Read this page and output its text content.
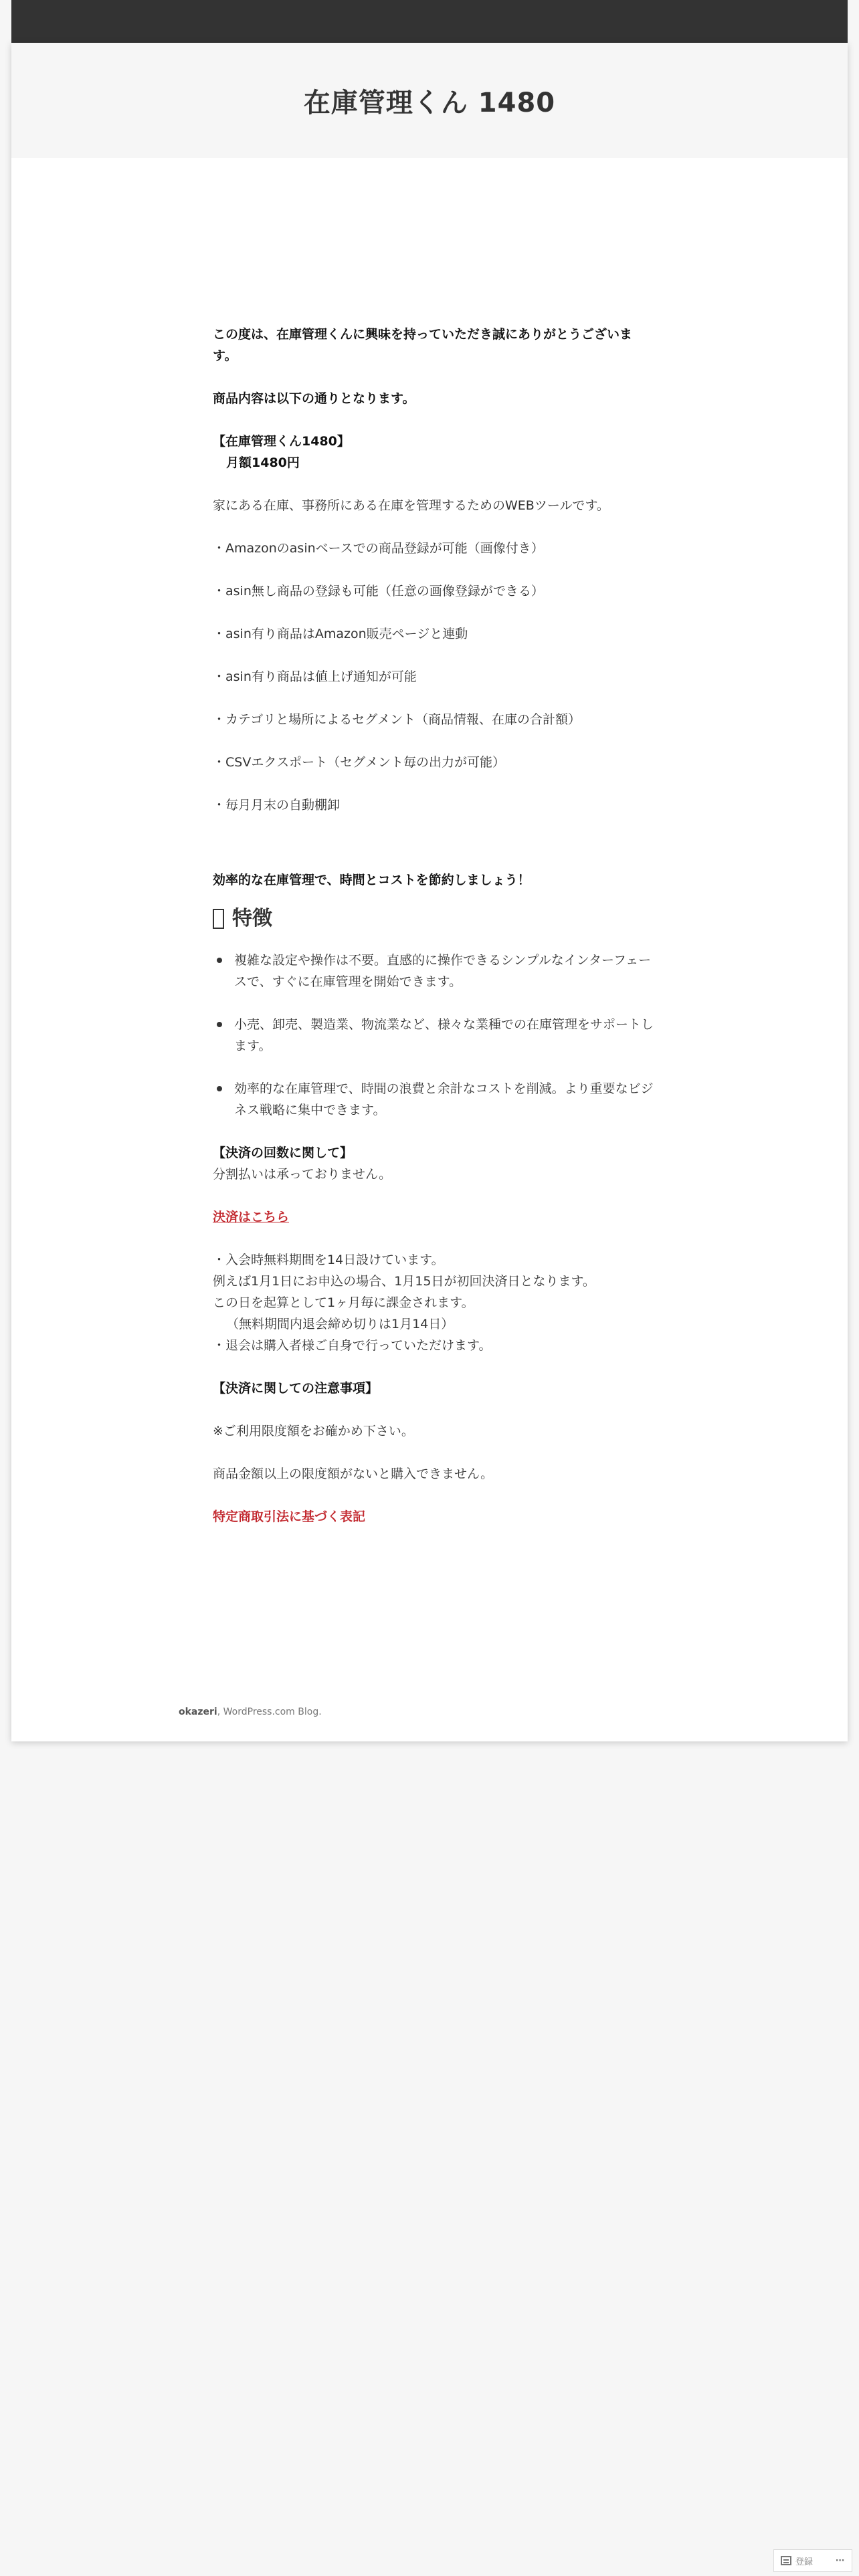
在庫管理くん 1480

この度は、在庫管理くんに興味を持っていただき誠にありがとうございます。

商品内容は以下の通りとなります。

【在庫管理くん1480】

月額1480円

家にある在庫、事務所にある在庫を管理するためのWEBツールです。

・Amazonのasinベースでの商品登録が可能（画像付き）

・asin無し商品の登録も可能（任意の画像登録ができる）

・asin有り商品はAmazon販売ページと連動

・asin有り商品は値上げ通知が可能

・カテゴリと場所によるセグメント（商品情報、在庫の合計額）

・CSVエクスポート（セグメント毎の出力が可能）

・毎月月末の自動棚卸

効率的な在庫管理で、時間とコストを節約しましょう！

特徴
複雑な設定や操作は不要。直感的に操作できるシンプルなインターフェースで、すぐに在庫管理を開始できます。
小売、卸売、製造業、物流業など、様々な業種での在庫管理をサポートします。
効率的な在庫管理で、時間の浪費と余計なコストを削減。より重要なビジネス戦略に集中できます。

【決済の回数に関して】

分割払いは承っておりません。

決済はこちら

・入会時無料期間を14日設けています。

例えば1月1日にお申込の場合、1月15日が初回決済日となります。

この日を起算として1ヶ月毎に課金されます。

（無料期間内退会締め切りは1月14日）

・退会は購入者様ご自身で行っていただけます。

【決済に関しての注意事項】

※ご利用限度額をお確かめ下さい。

商品金額以上の限度額がないと購入できません。

特定商取引法に基づく表記

okazeri, WordPress.com Blog.
登録	⋯
